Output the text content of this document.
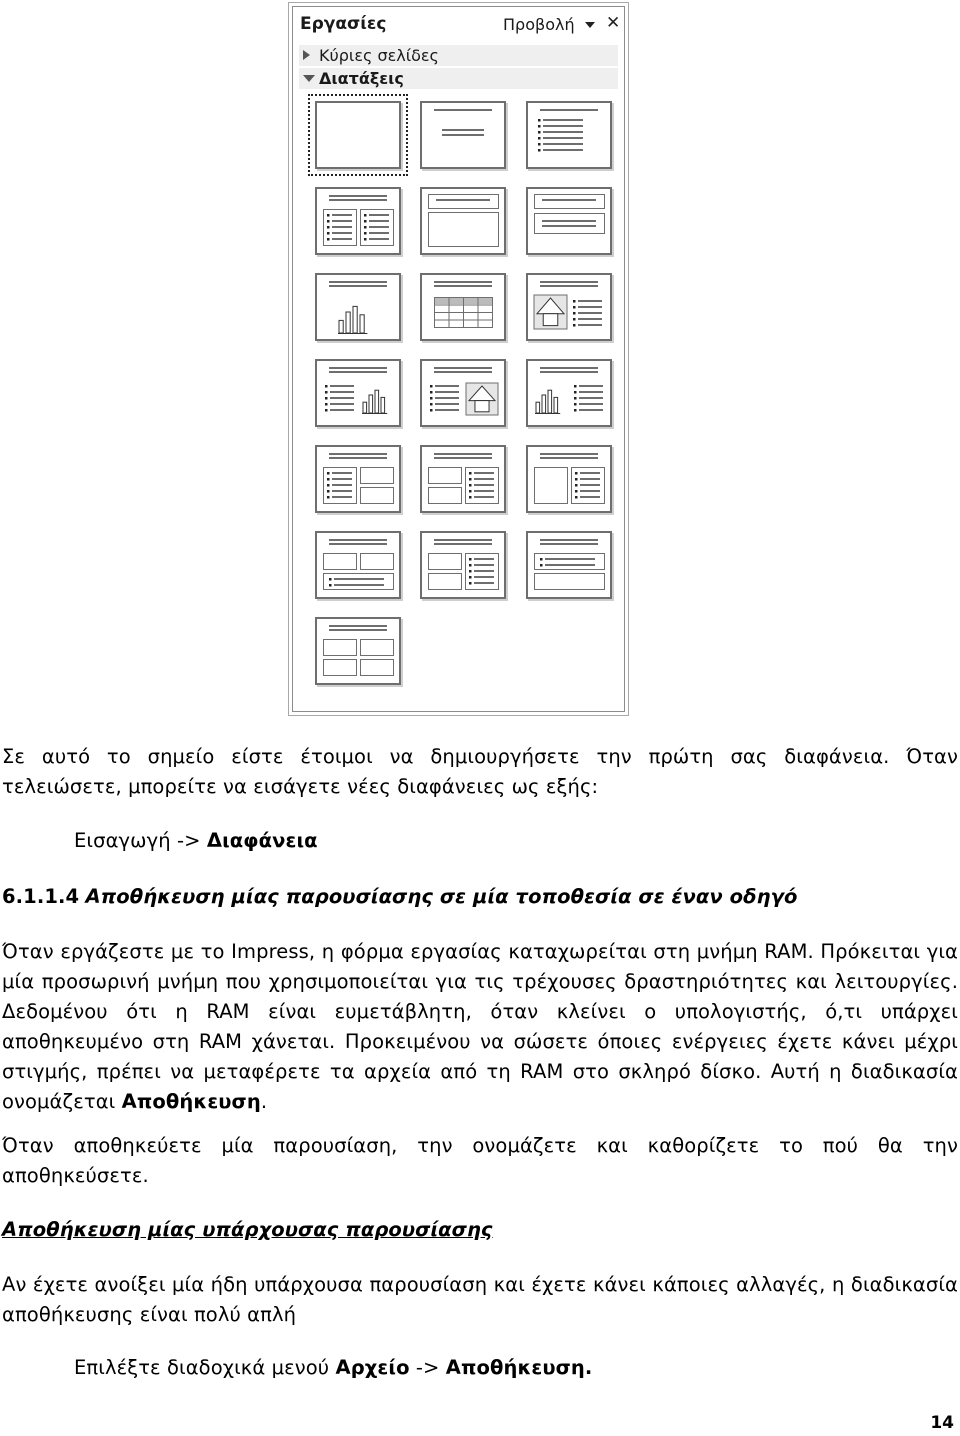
Εργασίες	Προβολή ✕
Κύριες σελίδες
Διατάξεις
Σε αυτό το σημείο είστε έτοιμοι να δημιουργήσετε την πρώτη σας διαφάνεια. Όταν
τελειώσετε, μπορείτε να εισάγετε νέες διαφάνειες ως εξής:
Εισαγωγή -> Διαφάνεια
6.1.1.4 Αποθήκευση μίας παρουσίασης σε μία τοποθεσία σε έναν οδηγό
Όταν εργάζεστε με το Impress, η φόρμα εργασίας καταχωρείται στη μνήμη RAM. Πρόκειται για μία προσωρινή μνήμη που χρησιμοποιείται για τις τρέχουσες δραστηριότητες και λειτουργίες. Δεδομένου ότι η RAM είναι ευμετάβλητη, όταν κλείνει ο υπολογιστής, ό,τι υπάρχει αποθηκευμένο στη RAM χάνεται. Προκειμένου να σώσετε όποιες ενέργειες έχετε κάνει μέχρι στιγμής, πρέπει να μεταφέρετε τα αρχεία από τη RAM στο σκληρό δίσκο. Αυτή η διαδικασία ονομάζεται Αποθήκευση.
Όταν αποθηκεύετε μία παρουσίαση, την ονομάζετε και καθορίζετε το πού θα την αποθηκεύσετε.
Αποθήκευση μίας υπάρχουσας παρουσίασης
Αν έχετε ανοίξει μία ήδη υπάρχουσα παρουσίαση και έχετε κάνει κάποιες αλλαγές, η διαδικασία αποθήκευσης είναι πολύ απλή
Επιλέξτε διαδοχικά μενού Αρχείο -> Αποθήκευση.
14
